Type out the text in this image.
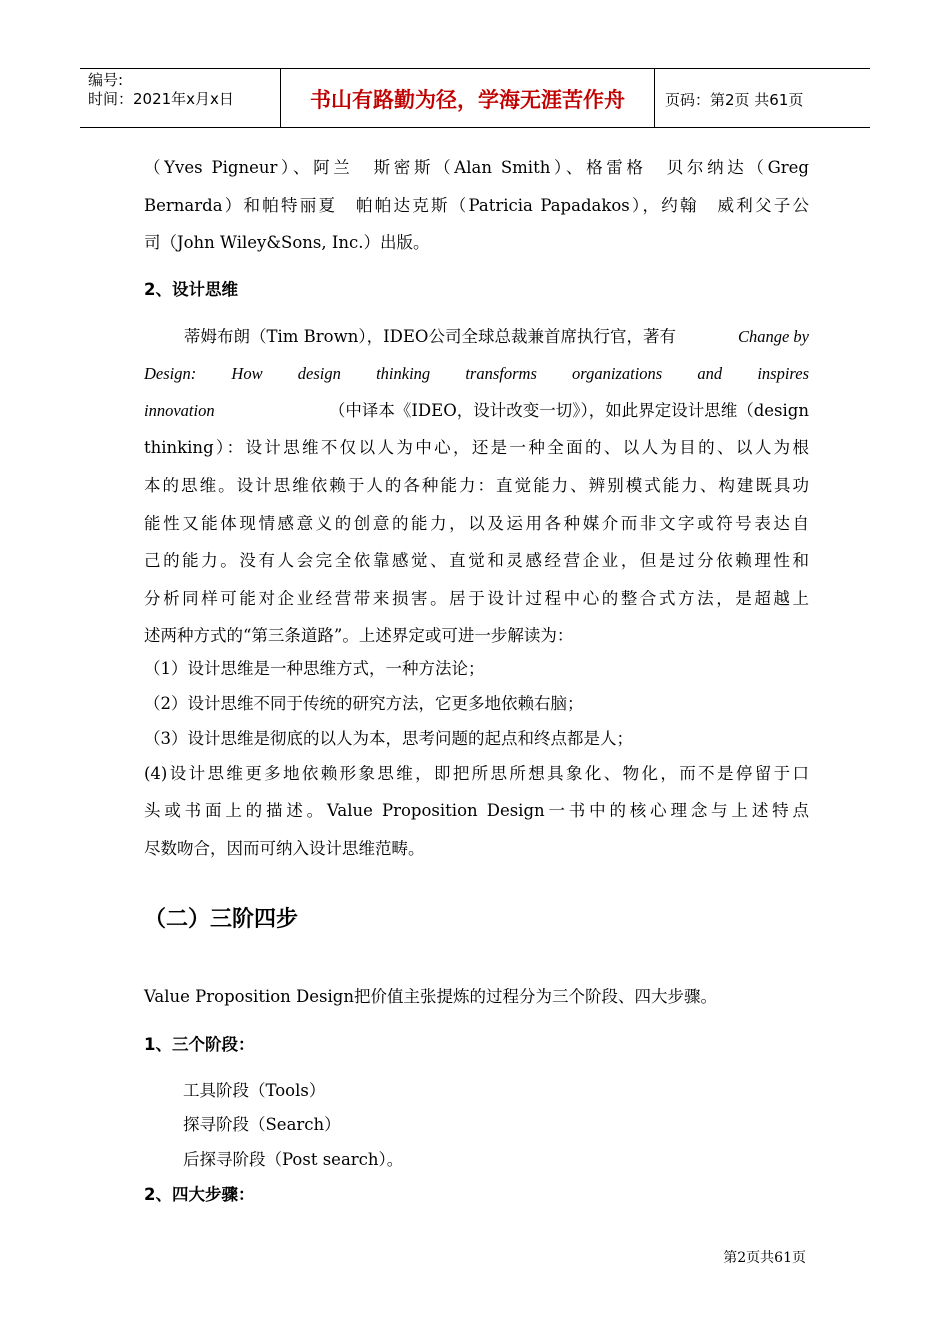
编号:
时间：2021年x月x日	书山有路勤为径，学海无涯苦作舟	页码：第2页 共61页
（Yves Pigneur）、阿兰　斯密斯（Alan Smith）、格雷格　贝尔纳达（Greg
Bernarda）和帕特丽夏　帕帕达克斯（Patricia Papadakos），约翰　威利父子公
司（John Wiley&Sons, Inc.）出版。
2、设计思维
蒂姆布朗（Tim Brown），IDEO公司全球总裁兼首席执行官，著有	Change by
Design: How design thinking transforms organizations and inspires
innovation	（中译本《IDEO，设计改变一切》），如此界定设计思维（design
thinking）：设计思维不仅以人为中心，还是一种全面的、以人为目的、以人为根
本的思维。设计思维依赖于人的各种能力：直觉能力、辨别模式能力、构建既具功
能性又能体现情感意义的创意的能力，以及运用各种媒介而非文字或符号表达自
己的能力。没有人会完全依靠感觉、直觉和灵感经营企业，但是过分依赖理性和
分析同样可能对企业经营带来损害。居于设计过程中心的整合式方法，是超越上
述两种方式的“第三条道路”。上述界定或可进一步解读为：
（1）设计思维是一种思维方式，一种方法论；
（2）设计思维不同于传统的研究方法，它更多地依赖右脑；
（3）设计思维是彻底的以人为本，思考问题的起点和终点都是人；
(4)设计思维更多地依赖形象思维，即把所思所想具象化、物化，而不是停留于口
头或书面上的描述。Value Proposition Design一书中的核心理念与上述特点
尽数吻合，因而可纳入设计思维范畴。
（二）三阶四步
Value Proposition Design把价值主张提炼的过程分为三个阶段、四大步骤。
1、三个阶段：
工具阶段（Tools）
探寻阶段（Search）
后探寻阶段（Post search）。
2、四大步骤：
第2页共61页
